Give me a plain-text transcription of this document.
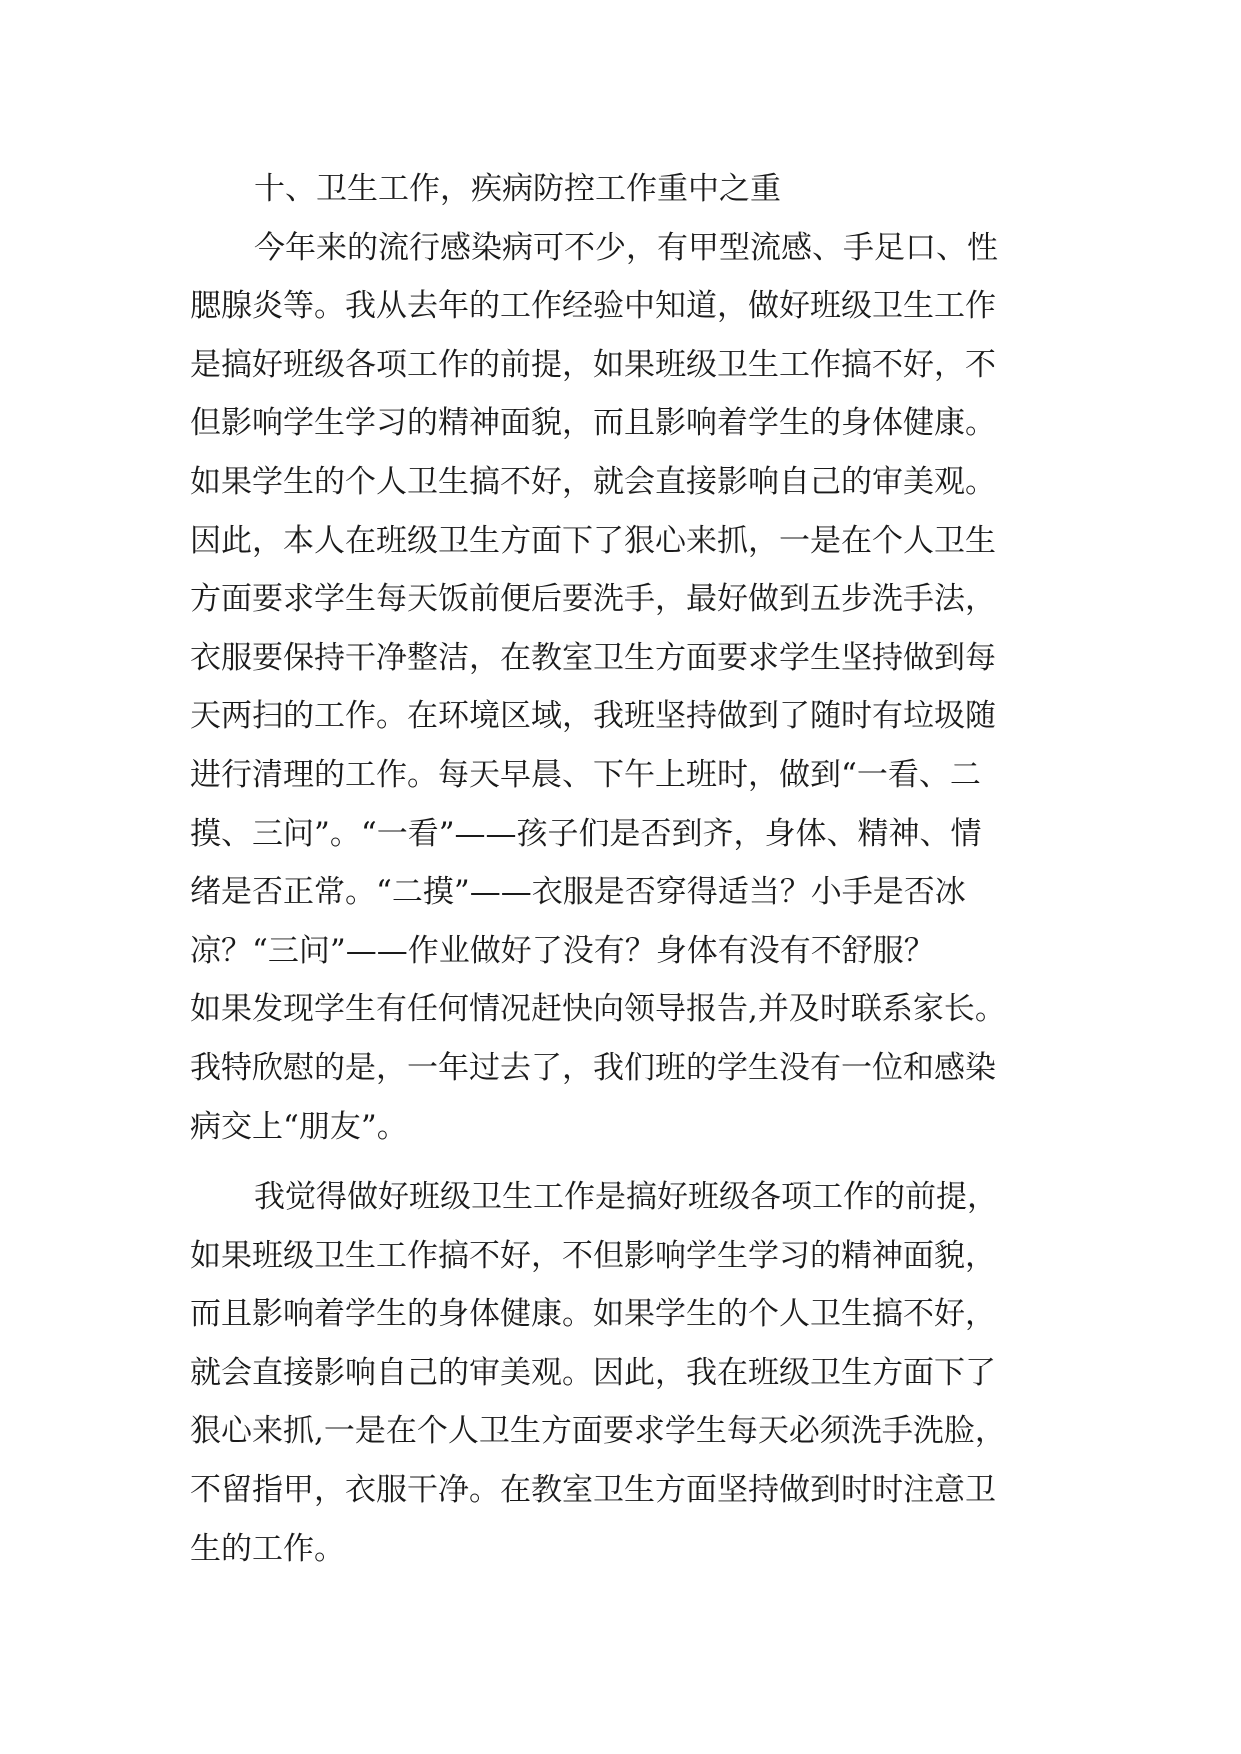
十、卫生工作，疾病防控工作重中之重
今年来的流行感染病可不少，有甲型流感、手足口、性
腮腺炎等。我从去年的工作经验中知道，做好班级卫生工作
是搞好班级各项工作的前提，如果班级卫生工作搞不好，不
但影响学生学习的精神面貌，而且影响着学生的身体健康。
如果学生的个人卫生搞不好，就会直接影响自己的审美观。
因此，本人在班级卫生方面下了狠心来抓，一是在个人卫生
方面要求学生每天饭前便后要洗手，最好做到五步洗手法，
衣服要保持干净整洁，在教室卫生方面要求学生坚持做到每
天两扫的工作。在环境区域，我班坚持做到了随时有垃圾随
进行清理的工作。每天早晨、下午上班时，做到“一看、二
摸、三问”。“一看”——孩子们是否到齐，身体、精神、情
绪是否正常。“二摸”——衣服是否穿得适当？小手是否冰
凉？“三问”——作业做好了没有？身体有没有不舒服？
如果发现学生有任何情况赶快向领导报告,并及时联系家长。
我特欣慰的是，一年过去了，我们班的学生没有一位和感染
病交上“朋友”。
我觉得做好班级卫生工作是搞好班级各项工作的前提，
如果班级卫生工作搞不好，不但影响学生学习的精神面貌，
而且影响着学生的身体健康。如果学生的个人卫生搞不好，
就会直接影响自己的审美观。因此，我在班级卫生方面下了
狠心来抓,一是在个人卫生方面要求学生每天必须洗手洗脸，
不留指甲，衣服干净。在教室卫生方面坚持做到时时注意卫
生的工作。
